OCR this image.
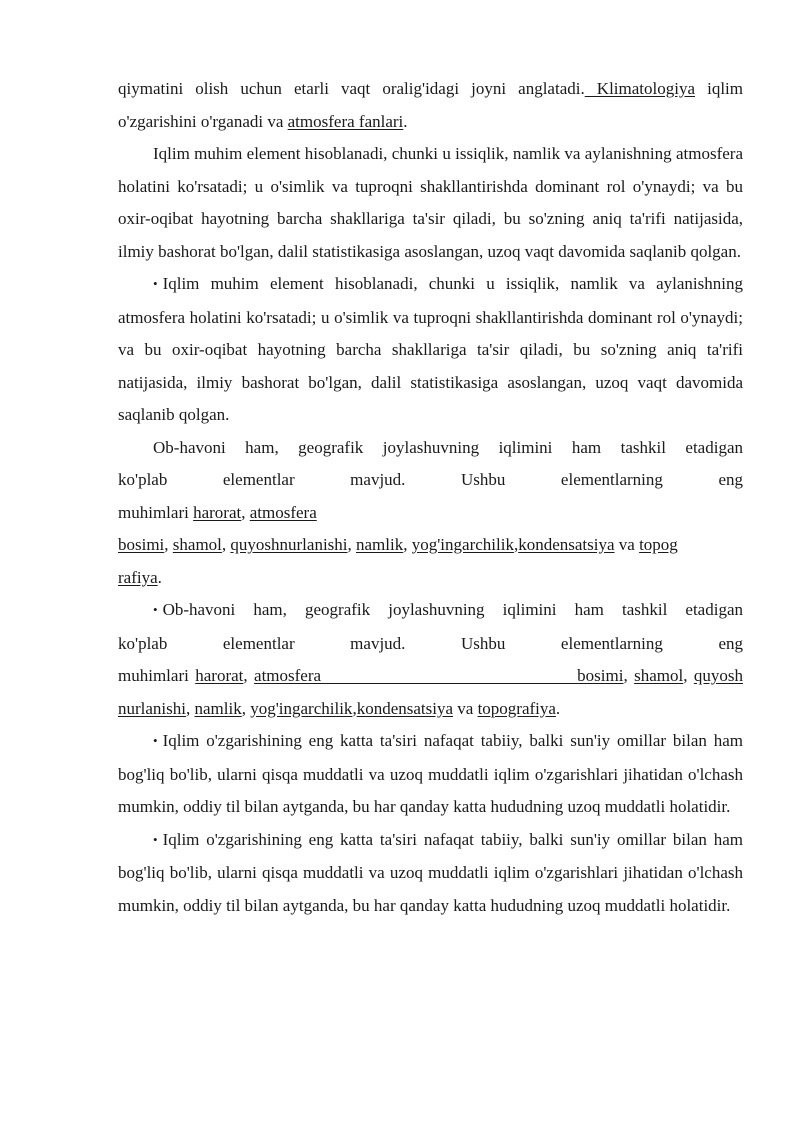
qiymatini olish uchun etarli vaqt oralig'idagi joyni anglatadi. Klimatologiya iqlim o'zgarishini o'rganadi va atmosfera fanlari.

Iqlim muhim element hisoblanadi, chunki u issiqlik, namlik va aylanishning atmosfera holatini ko'rsatadi; u o'simlik va tuproqni shakllantirishda dominant rol o'ynaydi; va bu oxir-oqibat hayotning barcha shakllariga ta'sir qiladi, bu so'zning aniq ta'rifi natijasida, ilmiy bashorat bo'lgan, dalil statistikasiga asoslangan, uzoq vaqt davomida saqlanib qolgan.

• Iqlim muhim element hisoblanadi, chunki u issiqlik, namlik va aylanishning atmosfera holatini ko'rsatadi; u o'simlik va tuproqni shakllantirishda dominant rol o'ynaydi; va bu oxir-oqibat hayotning barcha shakllariga ta'sir qiladi, bu so'zning aniq ta'rifi natijasida, ilmiy bashorat bo'lgan, dalil statistikasiga asoslangan, uzoq vaqt davomida saqlanib qolgan.

Ob-havoni ham, geografik joylashuvning iqlimini ham tashkil etadigan

ko'plab elementlar mavjud. Ushbu elementlarning eng

muhimlari harorat, atmosfera

bosimi, shamol, quyoshnurlanishi, namlik, yog'ingarchilik,kondensatsiya va topog

rafiya.

• Ob-havoni ham, geografik joylashuvning iqlimini ham tashkil etadigan

ko'plab elementlar mavjud. Ushbu elementlarning eng

muhimlari harorat, atmosfera                                        bosimi, shamol, quyosh

nurlanishi, namlik, yog'ingarchilik,kondensatsiya va topografiya.

• Iqlim o'zgarishining eng katta ta'siri nafaqat tabiiy, balki sun'iy omillar bilan ham bog'liq bo'lib, ularni qisqa muddatli va uzoq muddatli iqlim o'zgarishlari jihatidan o'lchash mumkin, oddiy til bilan aytganda, bu har qanday katta hududning uzoq muddatli holatidir.

• Iqlim o'zgarishining eng katta ta'siri nafaqat tabiiy, balki sun'iy omillar bilan ham bog'liq bo'lib, ularni qisqa muddatli va uzoq muddatli iqlim o'zgarishlari jihatidan o'lchash mumkin, oddiy til bilan aytganda, bu har qanday katta hududning uzoq muddatli holatidir.
